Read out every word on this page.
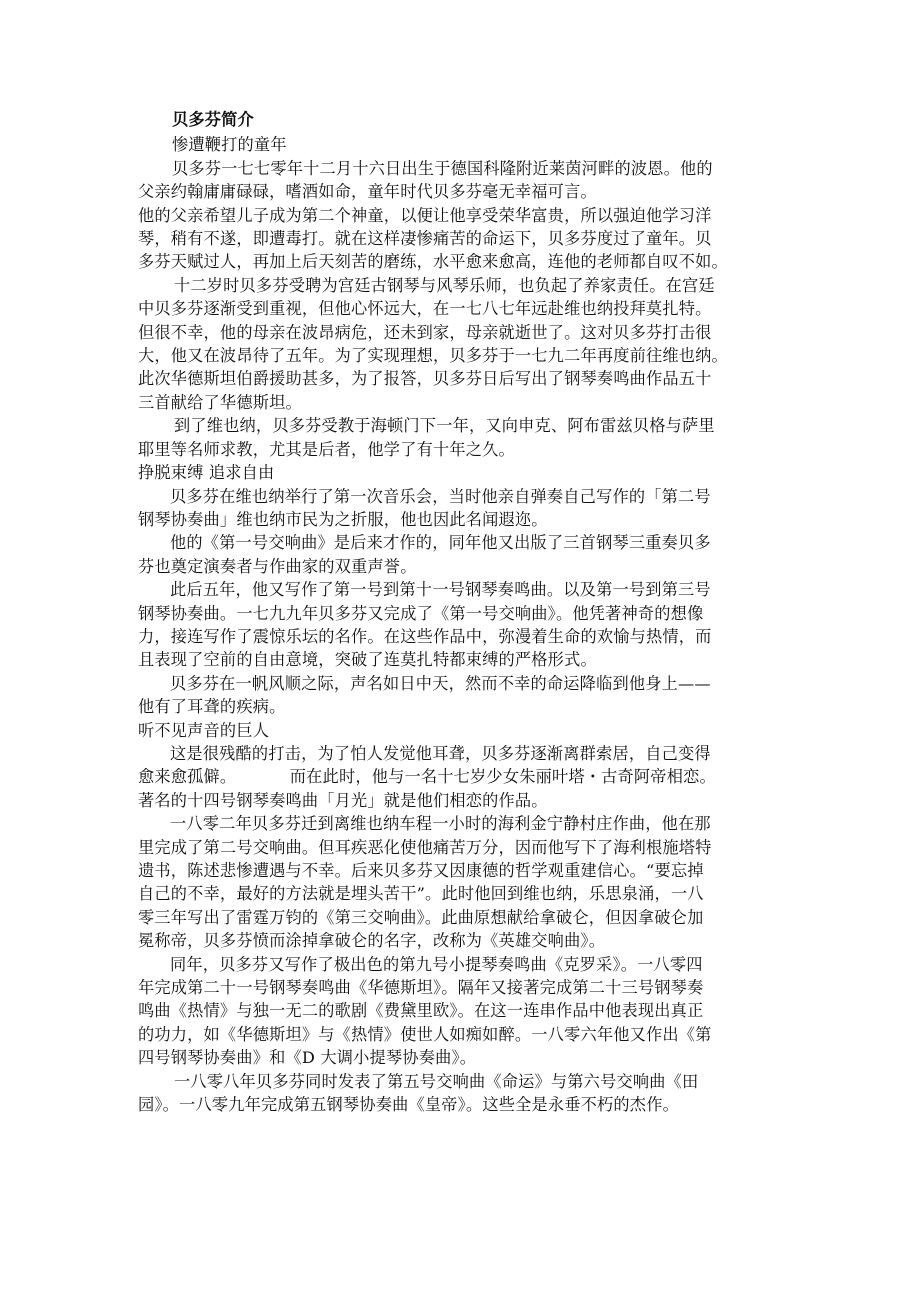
贝多芬简介
惨遭鞭打的童年
贝多芬一七七零年十二月十六日出生于德国科隆附近莱茵河畔的波恩。他的
父亲约翰庸庸碌碌，嗜酒如命，童年时代贝多芬毫无幸福可言。
他的父亲希望儿子成为第二个神童，以便让他享受荣华富贵，所以强迫他学习洋
琴，稍有不遂，即遭毒打。就在这样凄惨痛苦的命运下，贝多芬度过了童年。贝
多芬天赋过人，再加上后天刻苦的磨练，水平愈来愈高，连他的老师都自叹不如。
十二岁时贝多芬受聘为宫廷古钢琴与风琴乐师，也负起了养家责任。在宫廷
中贝多芬逐渐受到重视，但他心怀远大，在一七八七年远赴维也纳投拜莫扎特。
但很不幸，他的母亲在波昂病危，还未到家，母亲就逝世了。这对贝多芬打击很
大，他又在波昂待了五年。为了实现理想，贝多芬于一七九二年再度前往维也纳。
此次华德斯坦伯爵援助甚多，为了报答，贝多芬日后写出了钢琴奏鸣曲作品五十
三首献给了华德斯坦。
到了维也纳，贝多芬受教于海顿门下一年，又向申克、阿布雷兹贝格与萨里
耶里等名师求教，尤其是后者，他学了有十年之久。
挣脱束缚 追求自由
贝多芬在维也纳举行了第一次音乐会，当时他亲自弹奏自己写作的「第二号
钢琴协奏曲」维也纳市民为之折服，他也因此名闻遐迩。
他的《第一号交响曲》是后来才作的，同年他又出版了三首钢琴三重奏贝多
芬也奠定演奏者与作曲家的双重声誉。
此后五年，他又写作了第一号到第十一号钢琴奏鸣曲。以及第一号到第三号
钢琴协奏曲。一七九九年贝多芬又完成了《第一号交响曲》。他凭著神奇的想像
力，接连写作了震惊乐坛的名作。在这些作品中，弥漫着生命的欢愉与热情，而
且表现了空前的自由意境，突破了连莫扎特都束缚的严格形式。
贝多芬在一帆风顺之际，声名如日中天，然而不幸的命运降临到他身上——
他有了耳聋的疾病。
听不见声音的巨人
这是很残酷的打击，为了怕人发觉他耳聋，贝多芬逐渐离群索居，自己变得
愈来愈孤僻。          而在此时，他与一名十七岁少女朱丽叶塔・古奇阿帝相恋。
著名的十四号钢琴奏鸣曲「月光」就是他们相恋的作品。
一八零二年贝多芬迁到离维也纳车程一小时的海利金宁静村庄作曲，他在那
里完成了第二号交响曲。但耳疾恶化使他痛苦万分，因而他写下了海利根施塔特
遗书，陈述悲惨遭遇与不幸。后来贝多芬又因康德的哲学观重建信心。“要忘掉
自己的不幸，最好的方法就是埋头苦干”。此时他回到维也纳，乐思泉涌，一八
零三年写出了雷霆万钧的《第三交响曲》。此曲原想献给拿破仑，但因拿破仑加
冕称帝，贝多芬愤而涂掉拿破仑的名字，改称为《英雄交响曲》。
同年，贝多芬又写作了极出色的第九号小提琴奏鸣曲《克罗采》。一八零四
年完成第二十一号钢琴奏鸣曲《华德斯坦》。隔年又接著完成第二十三号钢琴奏
鸣曲《热情》与独一无二的歌剧《费黛里欧》。在这一连串作品中他表现出真正
的功力，如《华德斯坦》与《热情》使世人如痴如醉。一八零六年他又作出《第
四号钢琴协奏曲》和《D 大调小提琴协奏曲》。
一八零八年贝多芬同时发表了第五号交响曲《命运》与第六号交响曲《田
园》。一八零九年完成第五钢琴协奏曲《皇帝》。这些全是永垂不朽的杰作。
